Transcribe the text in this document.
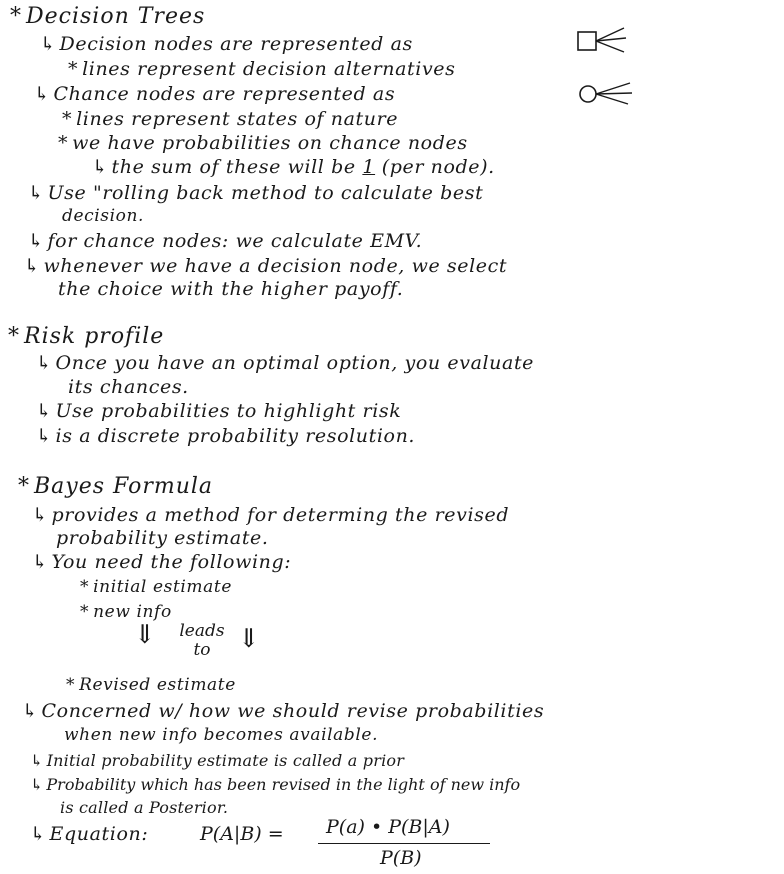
* Decision Trees
↳ Decision nodes are represented as
* lines represent decision alternatives
↳ Chance nodes are represented as
* lines represent states of nature
* we have probabilities on chance nodes
↳ the sum of these will be 1 (per node).
↳ Use "rolling back method to calculate best
decision.
↳ for chance nodes: we calculate EMV.
↳ whenever we have a decision node, we select
the choice with the higher payoff.
* Risk profile
↳ Once you have an optimal option, you evaluate
its chances.
↳ Use probabilities to highlight risk
↳ is a discrete probability resolution.
* Bayes Formula
↳ provides a method for determing the revised
probability estimate.
↳ You need the following:
* initial estimate
* new info
⇓	leads
to	⇓
* Revised estimate
↳ Concerned w/ how we should revise probabilities
when new info becomes available.
↳ Initial probability estimate is called a prior
↳ Probability which has been revised in the light of new info
is called a Posterior.
↳ Equation:	P(A|B) = P(a) • P(B|A)
P(B)
